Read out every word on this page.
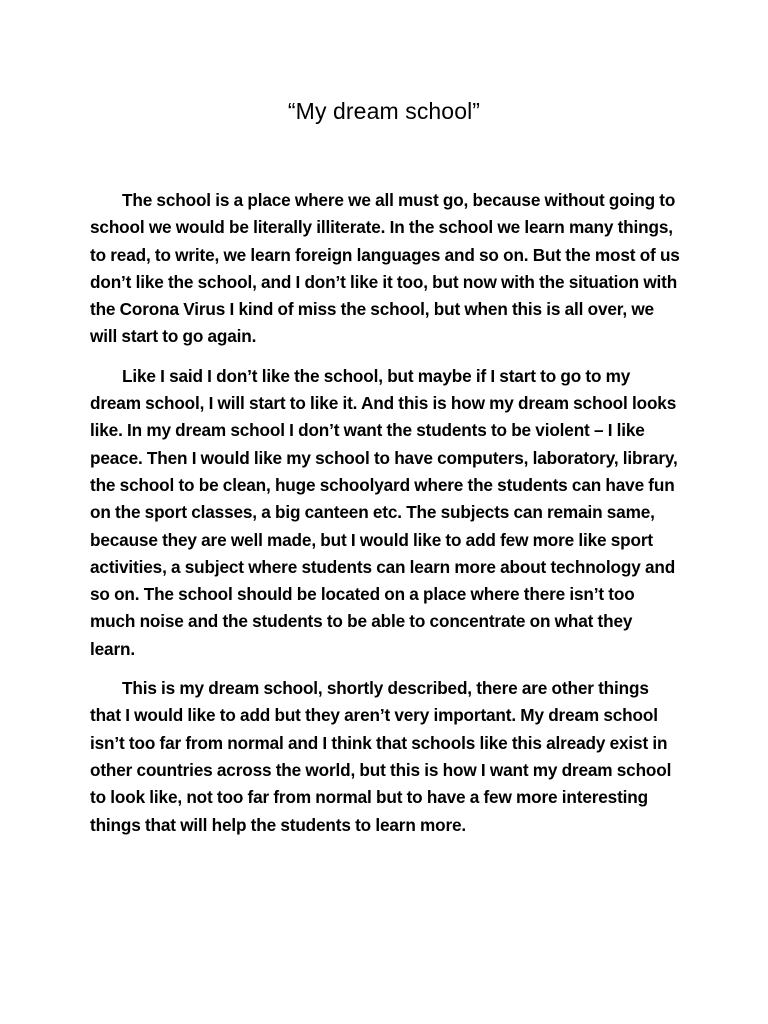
“My dream school”

The school is a place where we all must go, because without going to school we would be literally illiterate. In the school we learn many things, to read, to write, we learn foreign languages and so on. But the most of us don’t like the school, and I don’t like it too, but now with the situation with the Corona Virus I kind of miss the school, but when this is all over, we will start to go again.

Like I said I don’t like the school, but maybe if I start to go to my dream school, I will start to like it. And this is how my dream school looks like. In my dream school I don’t want the students to be violent – I like peace. Then I would like my school to have computers, laboratory, library, the school to be clean, huge schoolyard where the students can have fun on the sport classes, a big canteen etc. The subjects can remain same, because they are well made, but I would like to add few more like sport activities, a subject where students can learn more about technology and so on. The school should be located on a place where there isn’t too much noise and the students to be able to concentrate on what they learn.

This is my dream school, shortly described, there are other things that I would like to add but they aren’t very important. My dream school isn’t too far from normal and I think that schools like this already exist in other countries across the world, but this is how I want my dream school to look like, not too far from normal but to have a few more interesting things that will help the students to learn more.
